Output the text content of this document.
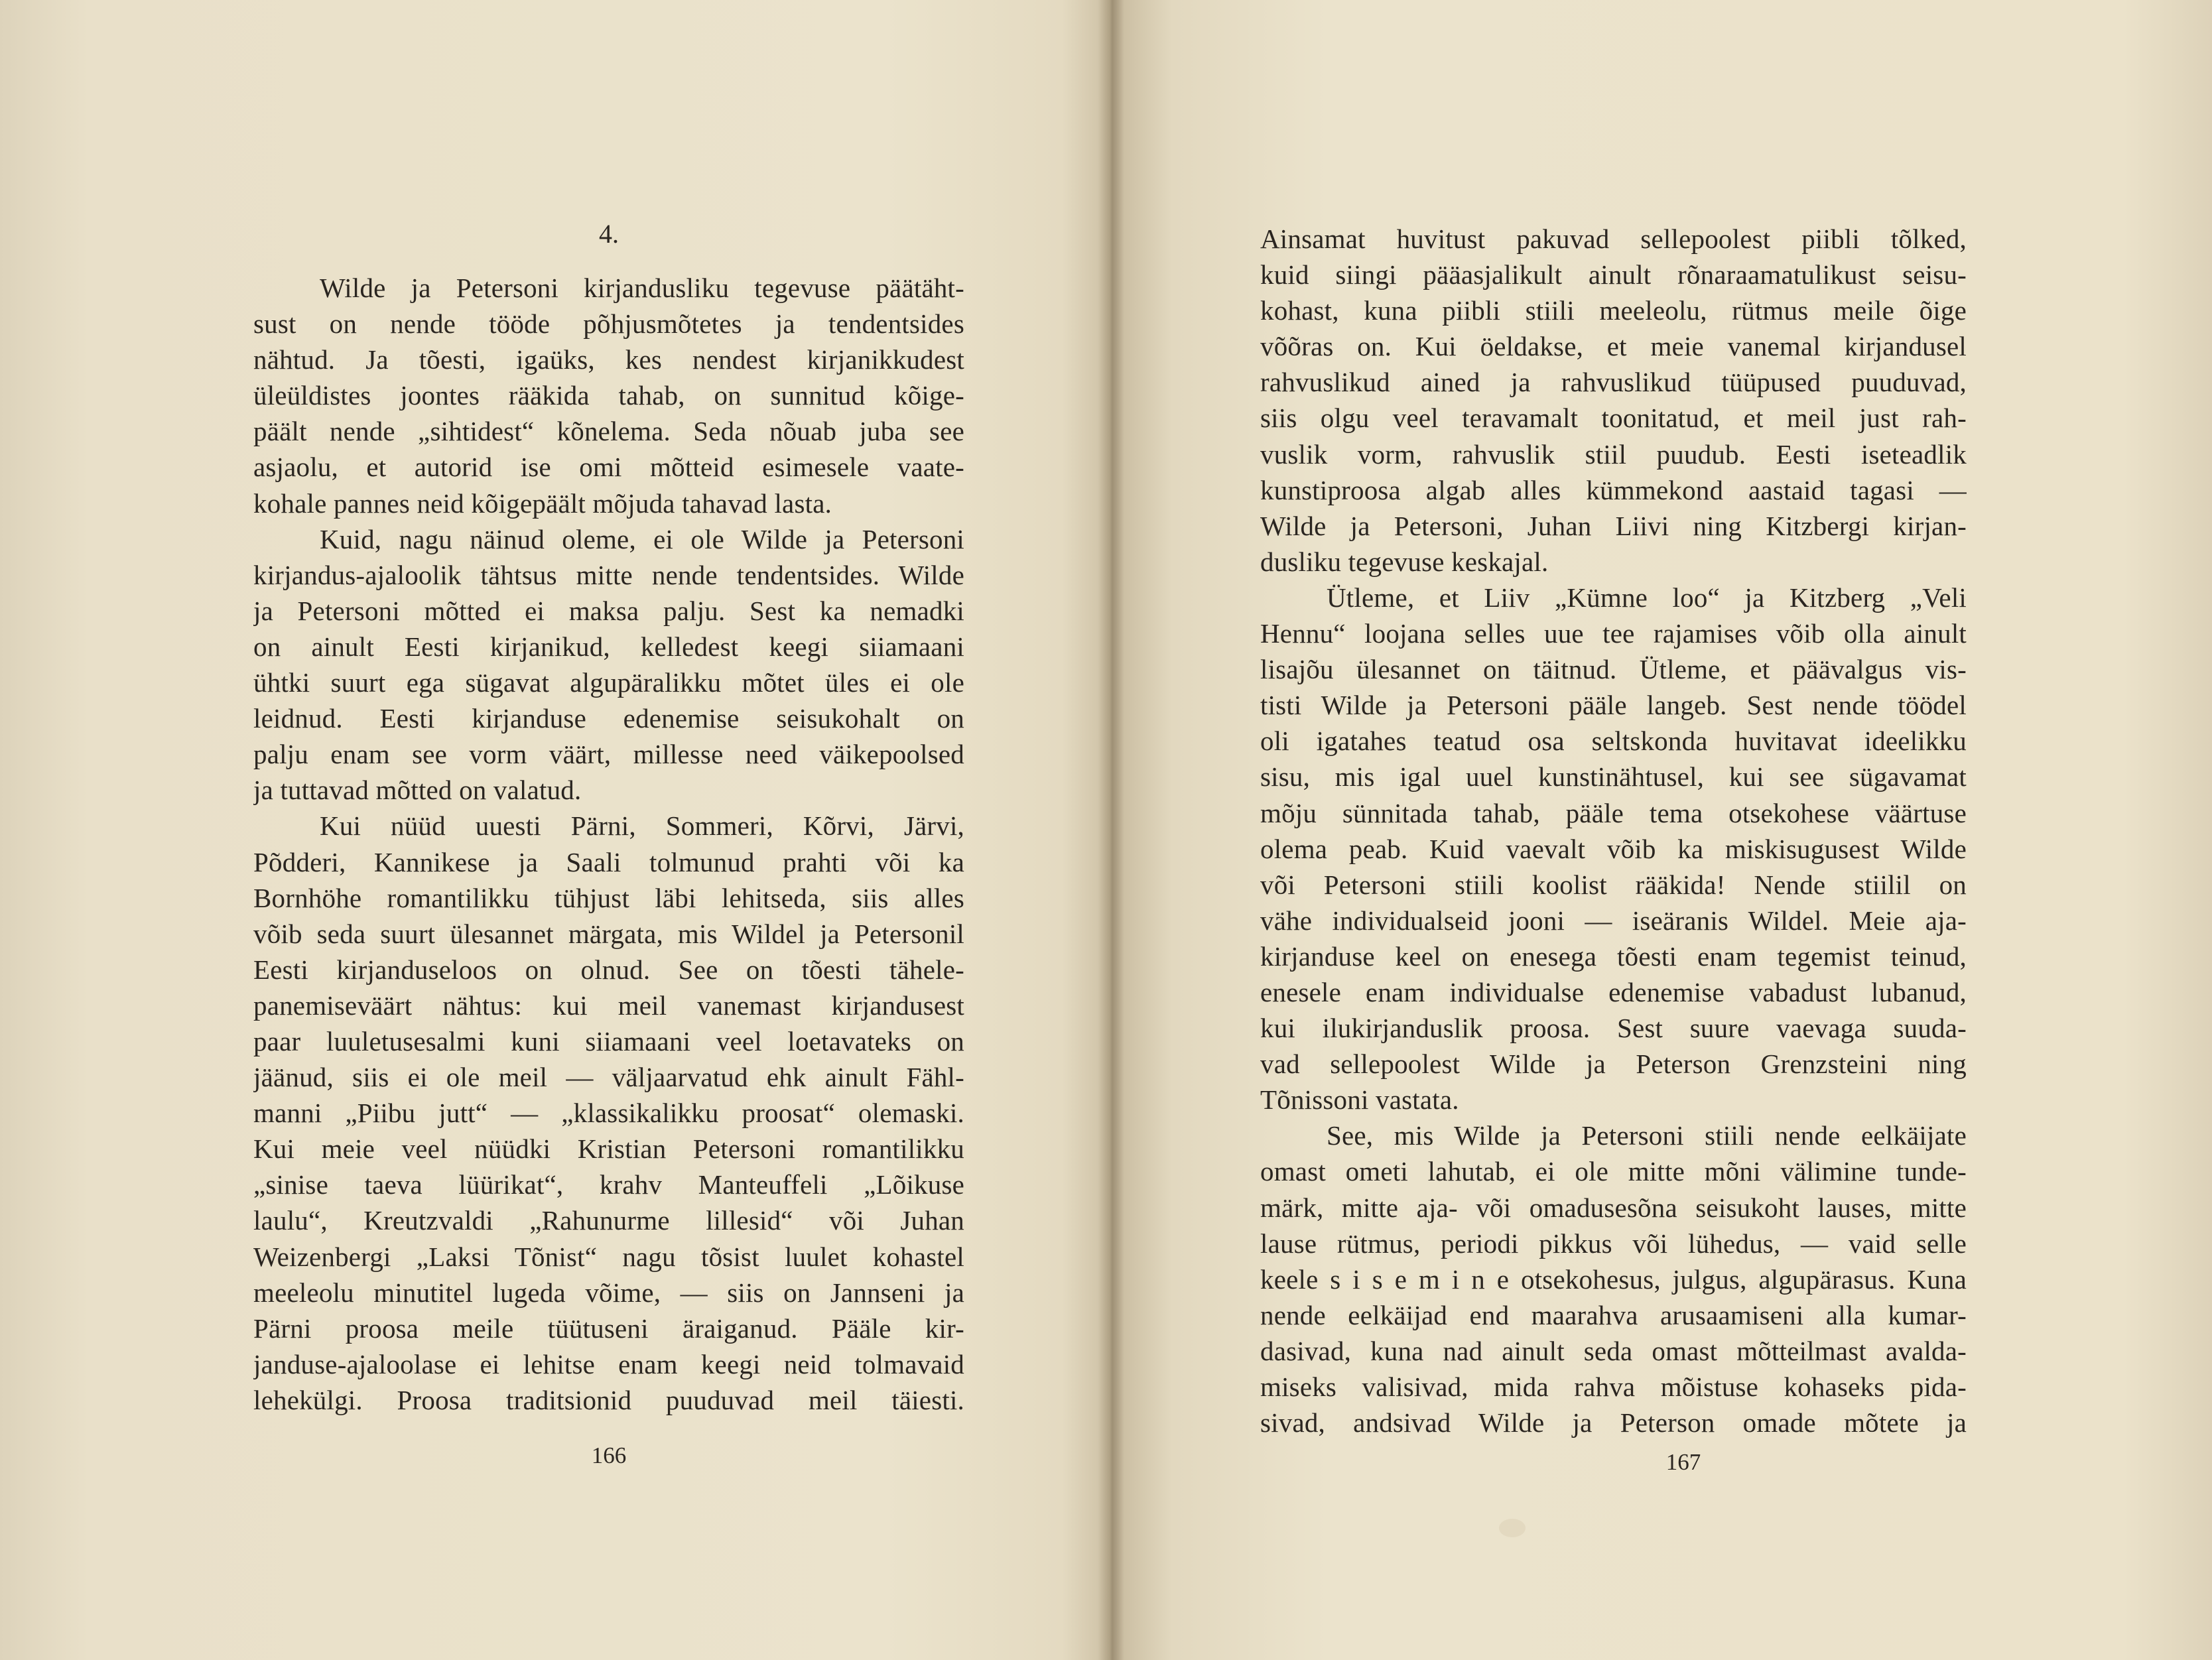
4.
Wilde ja Petersoni kirjandusliku tegevuse päätäht-
sust on nende tööde põhjusmõtetes ja tendentsides
nähtud. Ja tõesti, igaüks, kes nendest kirjanikkudest
üleüldistes joontes rääkida tahab, on sunnitud kõige-
päält nende „sihtidest“ kõnelema. Seda nõuab juba see
asjaolu, et autorid ise omi mõtteid esimesele vaate-
kohale pannes neid kõigepäält mõjuda tahavad lasta.
Kuid, nagu näinud oleme, ei ole Wilde ja Petersoni
kirjandus-ajaloolik tähtsus mitte nende tendentsides. Wilde
ja Petersoni mõtted ei maksa palju. Sest ka nemadki
on ainult Eesti kirjanikud, kelledest keegi siiamaani
ühtki suurt ega sügavat algupäralikku mõtet üles ei ole
leidnud. Eesti kirjanduse edenemise seisukohalt on
palju enam see vorm väärt, millesse need väikepoolsed
ja tuttavad mõtted on valatud.
Kui nüüd uuesti Pärni, Sommeri, Kõrvi, Järvi,
Põdderi, Kannikese ja Saali tolmunud prahti või ka
Bornhöhe romantilikku tühjust läbi lehitseda, siis alles
võib seda suurt ülesannet märgata, mis Wildel ja Petersonil
Eesti kirjanduseloos on olnud. See on tõesti tähele-
panemiseväärt nähtus: kui meil vanemast kirjandusest
paar luuletusesalmi kuni siiamaani veel loetavateks on
jäänud, siis ei ole meil — väljaarvatud ehk ainult Fähl-
manni „Piibu jutt“ — „klassikalikku proosat“ olemaski.
Kui meie veel nüüdki Kristian Petersoni romantilikku
„sinise taeva lüürikat“, krahv Manteuffeli „Lõikuse
laulu“, Kreutzvaldi „Rahunurme lillesid“ või Juhan
Weizenbergi „Laksi Tõnist“ nagu tõsist luulet kohastel
meeleolu minutitel lugeda võime, — siis on Jannseni ja
Pärni proosa meile tüütuseni äraiganud. Pääle kir-
janduse-ajaloolase ei lehitse enam keegi neid tolmavaid
lehekülgi. Proosa traditsionid puuduvad meil täiesti.
166
Ainsamat huvitust pakuvad sellepoolest piibli tõlked,
kuid siingi pääasjalikult ainult rõnaraamatulikust seisu-
kohast, kuna piibli stiili meeleolu, rütmus meile õige
võõras on. Kui öeldakse, et meie vanemal kirjandusel
rahvuslikud ained ja rahvuslikud tüüpused puuduvad,
siis olgu veel teravamalt toonitatud, et meil just rah-
vuslik vorm, rahvuslik stiil puudub. Eesti iseteadlik
kunstiproosa algab alles kümmekond aastaid tagasi —
Wilde ja Petersoni, Juhan Liivi ning Kitzbergi kirjan-
dusliku tegevuse keskajal.
Ütleme, et Liiv „Kümne loo“ ja Kitzberg „Veli
Hennu“ loojana selles uue tee rajamises võib olla ainult
lisajõu ülesannet on täitnud. Ütleme, et päävalgus vis-
tisti Wilde ja Petersoni pääle langeb. Sest nende töödel
oli igatahes teatud osa seltskonda huvitavat ideelikku
sisu, mis igal uuel kunstinähtusel, kui see sügavamat
mõju sünnitada tahab, pääle tema otsekohese väärtuse
olema peab. Kuid vaevalt võib ka miskisugusest Wilde
või Petersoni stiili koolist rääkida! Nende stiilil on
vähe individualseid jooni — iseäranis Wildel. Meie aja-
kirjanduse keel on enesega tõesti enam tegemist teinud,
enesele enam individualse edenemise vabadust lubanud,
kui ilukirjanduslik proosa. Sest suure vaevaga suuda-
vad sellepoolest Wilde ja Peterson Grenzsteini ning
Tõnissoni vastata.
See, mis Wilde ja Petersoni stiili nende eelkäijate
omast ometi lahutab, ei ole mitte mõni välimine tunde-
märk, mitte aja- või omadusesõna seisukoht lauses, mitte
lause rütmus, periodi pikkus või lühedus, — vaid selle
keele s i s e m i n e otsekohesus, julgus, algupärasus. Kuna
nende eelkäijad end maarahva arusaamiseni alla kumar-
dasivad, kuna nad ainult seda omast mõtteilmast avalda-
miseks valisivad, mida rahva mõistuse kohaseks pida-
sivad, andsivad Wilde ja Peterson omade mõtete ja
167
